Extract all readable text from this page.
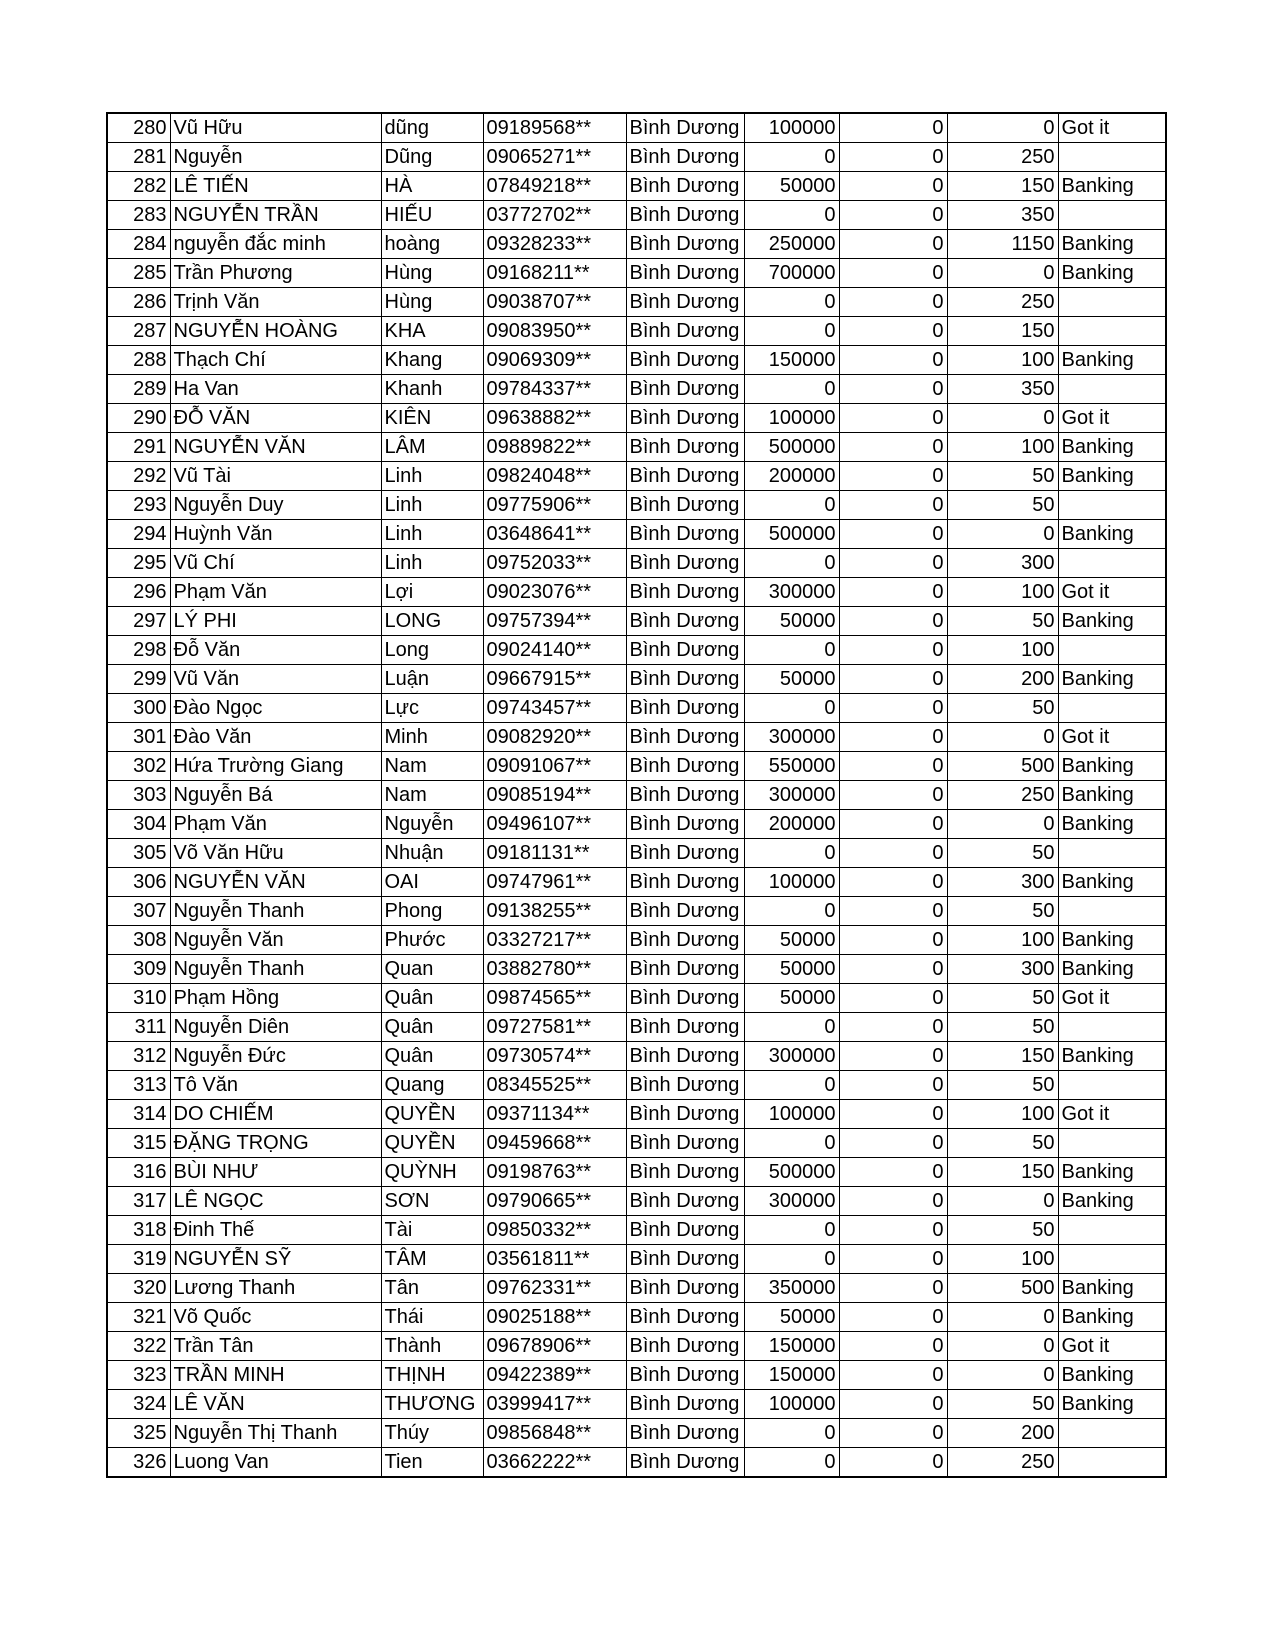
280	Vũ Hữu	dũng	09189568**	Bình Dương	100000	0	0	Got it
281	Nguyễn	Dũng	09065271**	Bình Dương	0	0	250	
282	LÊ TIẾN	HÀ	07849218**	Bình Dương	50000	0	150	Banking
283	NGUYỄN TRẦN	HIẾU	03772702**	Bình Dương	0	0	350	
284	nguyễn đắc minh	hoàng	09328233**	Bình Dương	250000	0	1150	Banking
285	Trần Phương	Hùng	09168211**	Bình Dương	700000	0	0	Banking
286	Trịnh Văn	Hùng	09038707**	Bình Dương	0	0	250	
287	NGUYỄN HOÀNG	KHA	09083950**	Bình Dương	0	0	150	
288	Thạch Chí	Khang	09069309**	Bình Dương	150000	0	100	Banking
289	Ha Van	Khanh	09784337**	Bình Dương	0	0	350	
290	ĐỖ VĂN	KIÊN	09638882**	Bình Dương	100000	0	0	Got it
291	NGUYỄN VĂN	LÂM	09889822**	Bình Dương	500000	0	100	Banking
292	Vũ Tài	Linh	09824048**	Bình Dương	200000	0	50	Banking
293	Nguyễn Duy	Linh	09775906**	Bình Dương	0	0	50	
294	Huỳnh Văn	Linh	03648641**	Bình Dương	500000	0	0	Banking
295	Vũ Chí	Linh	09752033**	Bình Dương	0	0	300	
296	Phạm Văn	Lợi	09023076**	Bình Dương	300000	0	100	Got it
297	LÝ PHI	LONG	09757394**	Bình Dương	50000	0	50	Banking
298	Đỗ Văn	Long	09024140**	Bình Dương	0	0	100	
299	Vũ Văn	Luận	09667915**	Bình Dương	50000	0	200	Banking
300	Đào Ngọc	Lực	09743457**	Bình Dương	0	0	50	
301	Đào Văn	Minh	09082920**	Bình Dương	300000	0	0	Got it
302	Hứa Trường Giang	Nam	09091067**	Bình Dương	550000	0	500	Banking
303	Nguyễn Bá	Nam	09085194**	Bình Dương	300000	0	250	Banking
304	Phạm Văn	Nguyễn	09496107**	Bình Dương	200000	0	0	Banking
305	Võ Văn Hữu	Nhuận	09181131**	Bình Dương	0	0	50	
306	NGUYỄN VĂN	OAI	09747961**	Bình Dương	100000	0	300	Banking
307	Nguyễn Thanh	Phong	09138255**	Bình Dương	0	0	50	
308	Nguyễn Văn	Phước	03327217**	Bình Dương	50000	0	100	Banking
309	Nguyễn Thanh	Quan	03882780**	Bình Dương	50000	0	300	Banking
310	Phạm Hồng	Quân	09874565**	Bình Dương	50000	0	50	Got it
311	Nguyễn Diên	Quân	09727581**	Bình Dương	0	0	50	
312	Nguyễn Đức	Quân	09730574**	Bình Dương	300000	0	150	Banking
313	Tô Văn	Quang	08345525**	Bình Dương	0	0	50	
314	DO CHIẾM	QUYỀN	09371134**	Bình Dương	100000	0	100	Got it
315	ĐẶNG TRỌNG	QUYỀN	09459668**	Bình Dương	0	0	50	
316	BÙI NHƯ	QUỲNH	09198763**	Bình Dương	500000	0	150	Banking
317	LÊ NGỌC	SƠN	09790665**	Bình Dương	300000	0	0	Banking
318	Đinh Thế	Tài	09850332**	Bình Dương	0	0	50	
319	NGUYỄN SỸ	TÂM	03561811**	Bình Dương	0	0	100	
320	Lương Thanh	Tân	09762331**	Bình Dương	350000	0	500	Banking
321	Võ Quốc	Thái	09025188**	Bình Dương	50000	0	0	Banking
322	Trần Tân	Thành	09678906**	Bình Dương	150000	0	0	Got it
323	TRẦN MINH	THỊNH	09422389**	Bình Dương	150000	0	0	Banking
324	LÊ VĂN	THƯƠNG	03999417**	Bình Dương	100000	0	50	Banking
325	Nguyễn Thị Thanh	Thúy	09856848**	Bình Dương	0	0	200	
326	Luong Van	Tien	03662222**	Bình Dương	0	0	250	
